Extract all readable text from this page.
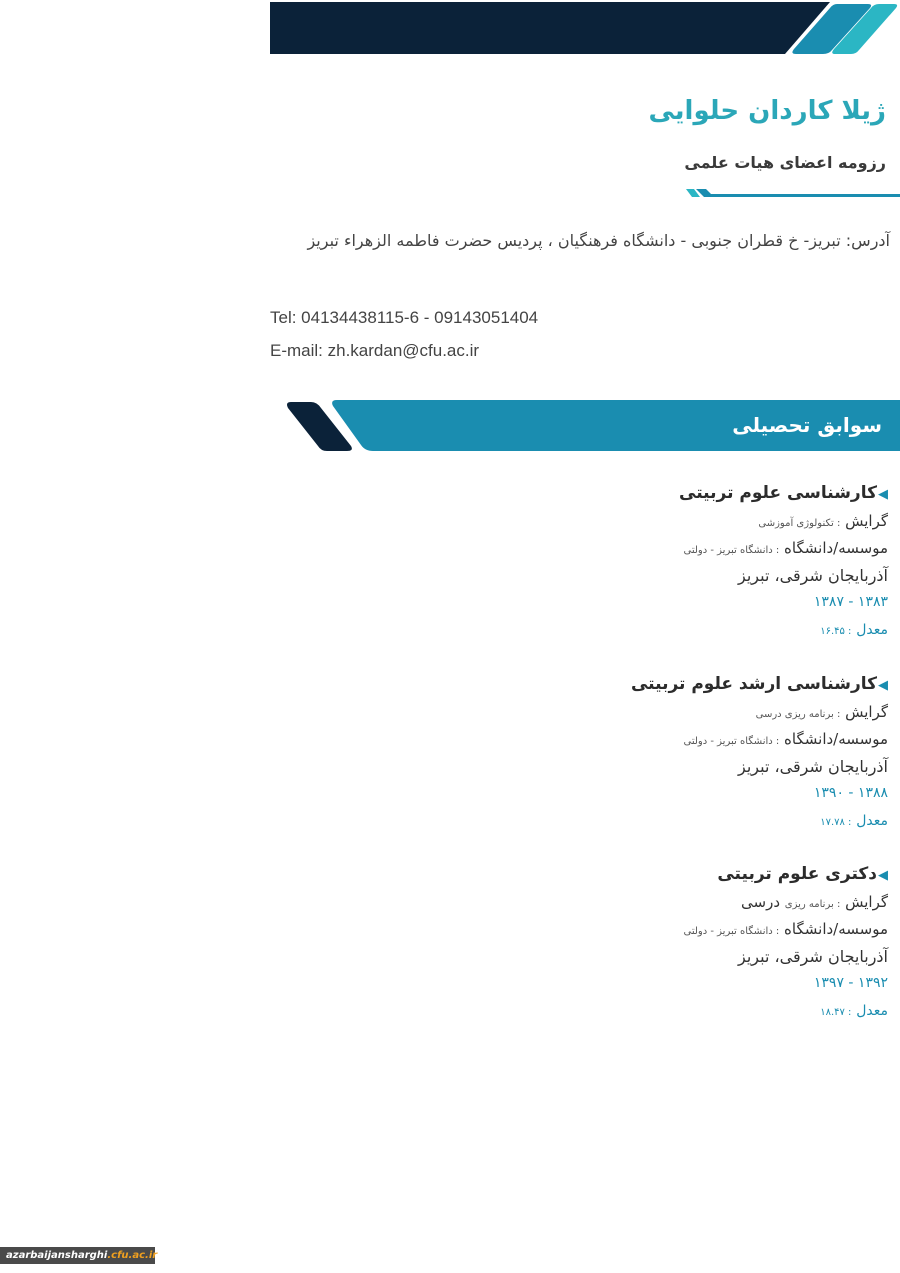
ژیلا کاردان حلوایی
رزومه اعضای هیات علمی
آدرس: تبریز- خ قطران جنوبی - دانشگاه فرهنگیان ، پردیس حضرت فاطمه الزهراء تبریز
Tel: 04134438115-6 - 09143051404
E-mail: zh.kardan@cfu.ac.ir
سوابق تحصیلی
◀کارشناسی علوم تربیتی
گرایش : تکنولوژی آموزشی
موسسه/دانشگاه : دانشگاه تبریز - دولتی
آذربایجان شرقی، تبریز
۱۳۸۳ - ۱۳۸۷
معدل : ۱۶.۴۵
◀کارشناسی ارشد علوم تربیتی
گرایش : برنامه ریزی درسی
موسسه/دانشگاه : دانشگاه تبریز - دولتی
آذربایجان شرقی، تبریز
۱۳۸۸ - ۱۳۹۰
معدل : ۱۷.۷۸
◀دکتری علوم تربیتی
گرایش : برنامه ریزی درسی
موسسه/دانشگاه : دانشگاه تبریز - دولتی
آذربایجان شرقی، تبریز
۱۳۹۲ - ۱۳۹۷
معدل : ۱۸.۴۷
azarbaijansharghi.cfu.ac.ir
